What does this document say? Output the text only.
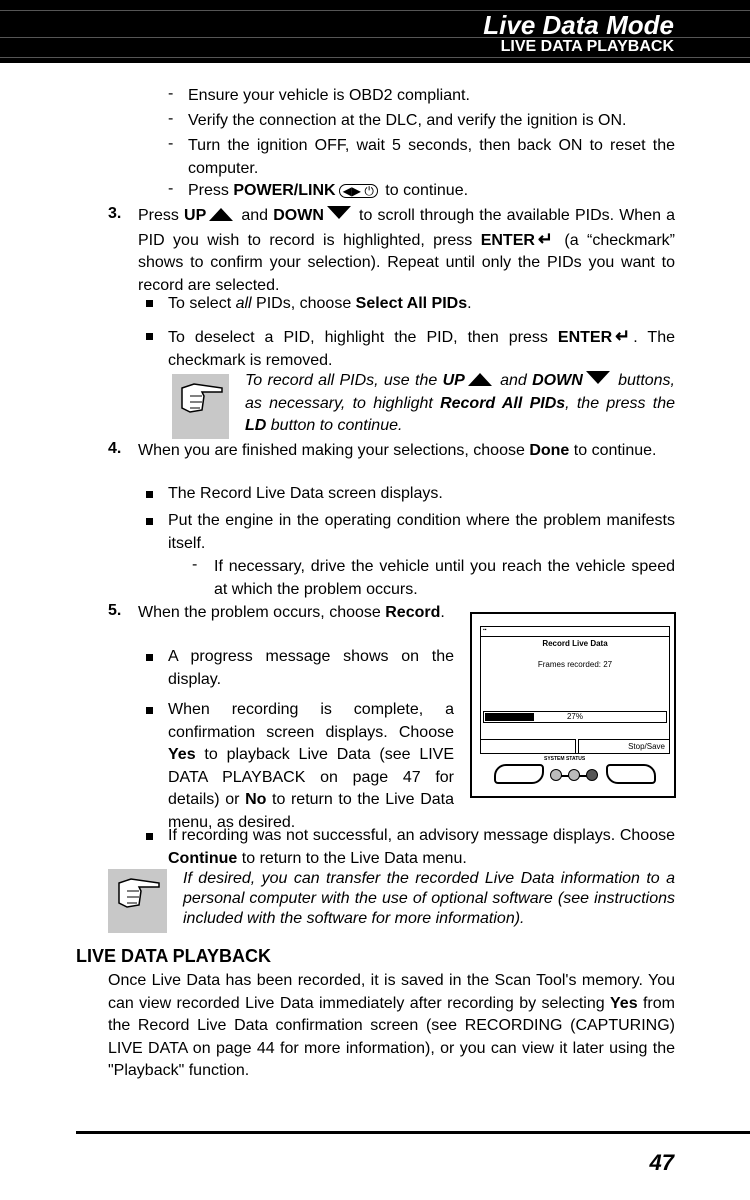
Live Data Mode
LIVE DATA PLAYBACK
- Ensure your vehicle is OBD2 compliant.
- Verify the connection at the DLC, and verify the ignition is ON.
- Turn the ignition OFF, wait 5 seconds, then back ON to reset the computer.
- Press POWER/LINK ◀▶ ⏻ to continue.
3. Press UP and DOWN to scroll through the available PIDs. When a PID you wish to record is highlighted, press ENTER ↵ (a “checkmark” shows to confirm your selection). Repeat until only the PIDs you want to record are selected.
To select all PIDs, choose Select All PIDs.
To deselect a PID, highlight the PID, then press ENTER ↵ . The checkmark is removed.
To record all PIDs, use the UP and DOWN buttons, as necessary, to highlight Record All PIDs, the press the LD button to continue.
4. When you are finished making your selections, choose Done to continue.
The Record Live Data screen displays.
Put the engine in the operating condition where the problem manifests itself.
- If necessary, drive the vehicle until you reach the vehicle speed at which the problem occurs.
5. When the problem occurs, choose Record.
A progress message shows on the display.
When recording is complete, a confirmation screen displays. Choose Yes to playback Live Data (see LIVE DATA PLAYBACK on page 47 for details) or No to return to the Live Data menu, as desired.
If recording was not successful, an advisory message displays. Choose Continue to return to the Live Data menu.
▪▪
Record Live Data
Frames recorded: 27
27%
Stop/Save
SYSTEM STATUS
If desired, you can transfer the recorded Live Data information to a personal computer with the use of optional software (see instructions included with the software for more information).
LIVE DATA PLAYBACK
Once Live Data has been recorded, it is saved in the Scan Tool's memory. You can view recorded Live Data immediately after recording by selecting Yes from the Record Live Data confirmation screen (see RECORDING (CAPTURING) LIVE DATA on page 44 for more information), or you can view it later using the "Playback" function.
47
